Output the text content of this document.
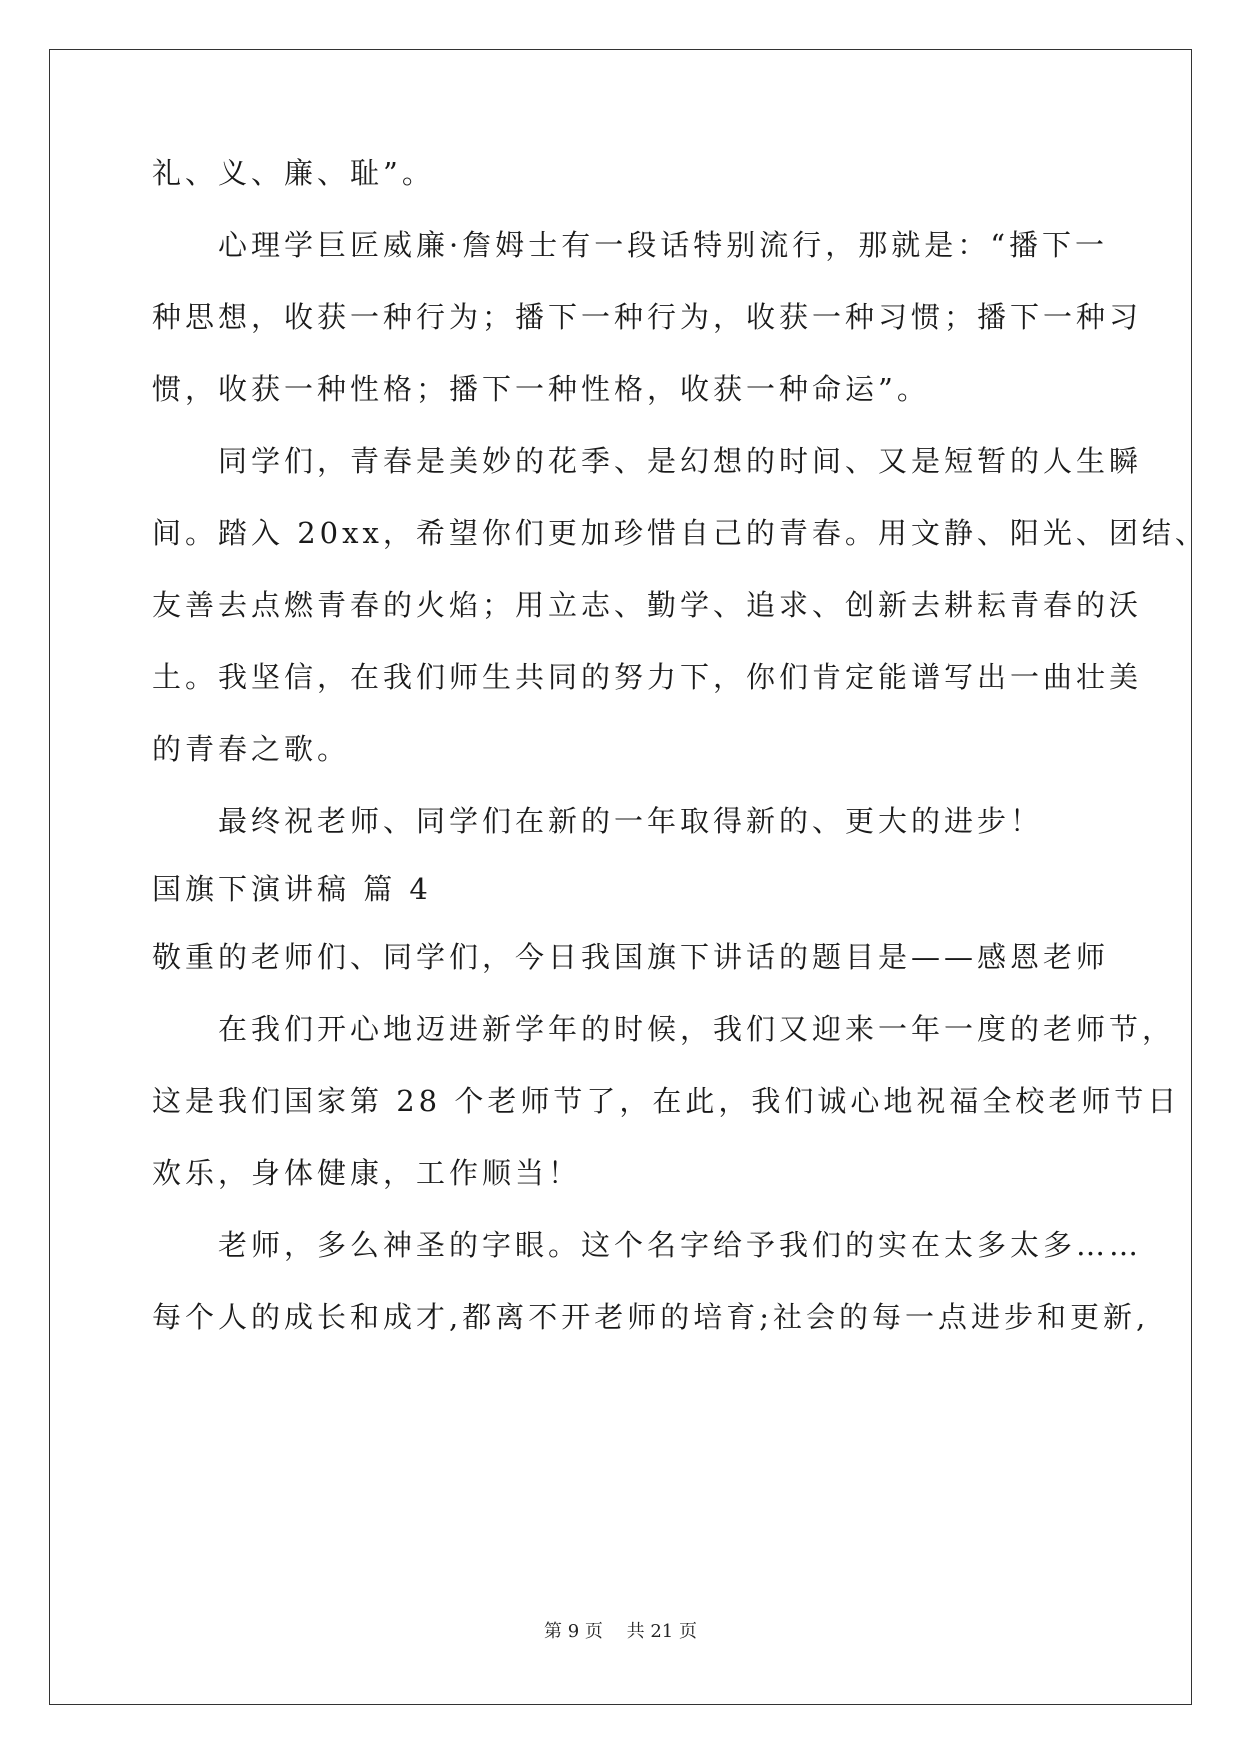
礼、义、廉、耻”。
　　心理学巨匠威廉·詹姆士有一段话特别流行，那就是：“播下一
种思想，收获一种行为；播下一种行为，收获一种习惯；播下一种习
惯，收获一种性格；播下一种性格，收获一种命运”。
　　同学们，青春是美妙的花季、是幻想的时间、又是短暂的人生瞬
间。踏入 20xx，希望你们更加珍惜自己的青春。用文静、阳光、团结、
友善去点燃青春的火焰；用立志、勤学、追求、创新去耕耘青春的沃
土。我坚信，在我们师生共同的努力下，你们肯定能谱写出一曲壮美
的青春之歌。
　　最终祝老师、同学们在新的一年取得新的、更大的进步！
国旗下演讲稿 篇 4
敬重的老师们、同学们，今日我国旗下讲话的题目是——感恩老师
　　在我们开心地迈进新学年的时候，我们又迎来一年一度的老师节，
这是我们国家第 28 个老师节了，在此，我们诚心地祝福全校老师节日
欢乐，身体健康，工作顺当！
　　老师，多么神圣的字眼。这个名字给予我们的实在太多太多……
每个人的成长和成才,都离不开老师的培育;社会的每一点进步和更新,
第 9 页　 共 21 页
